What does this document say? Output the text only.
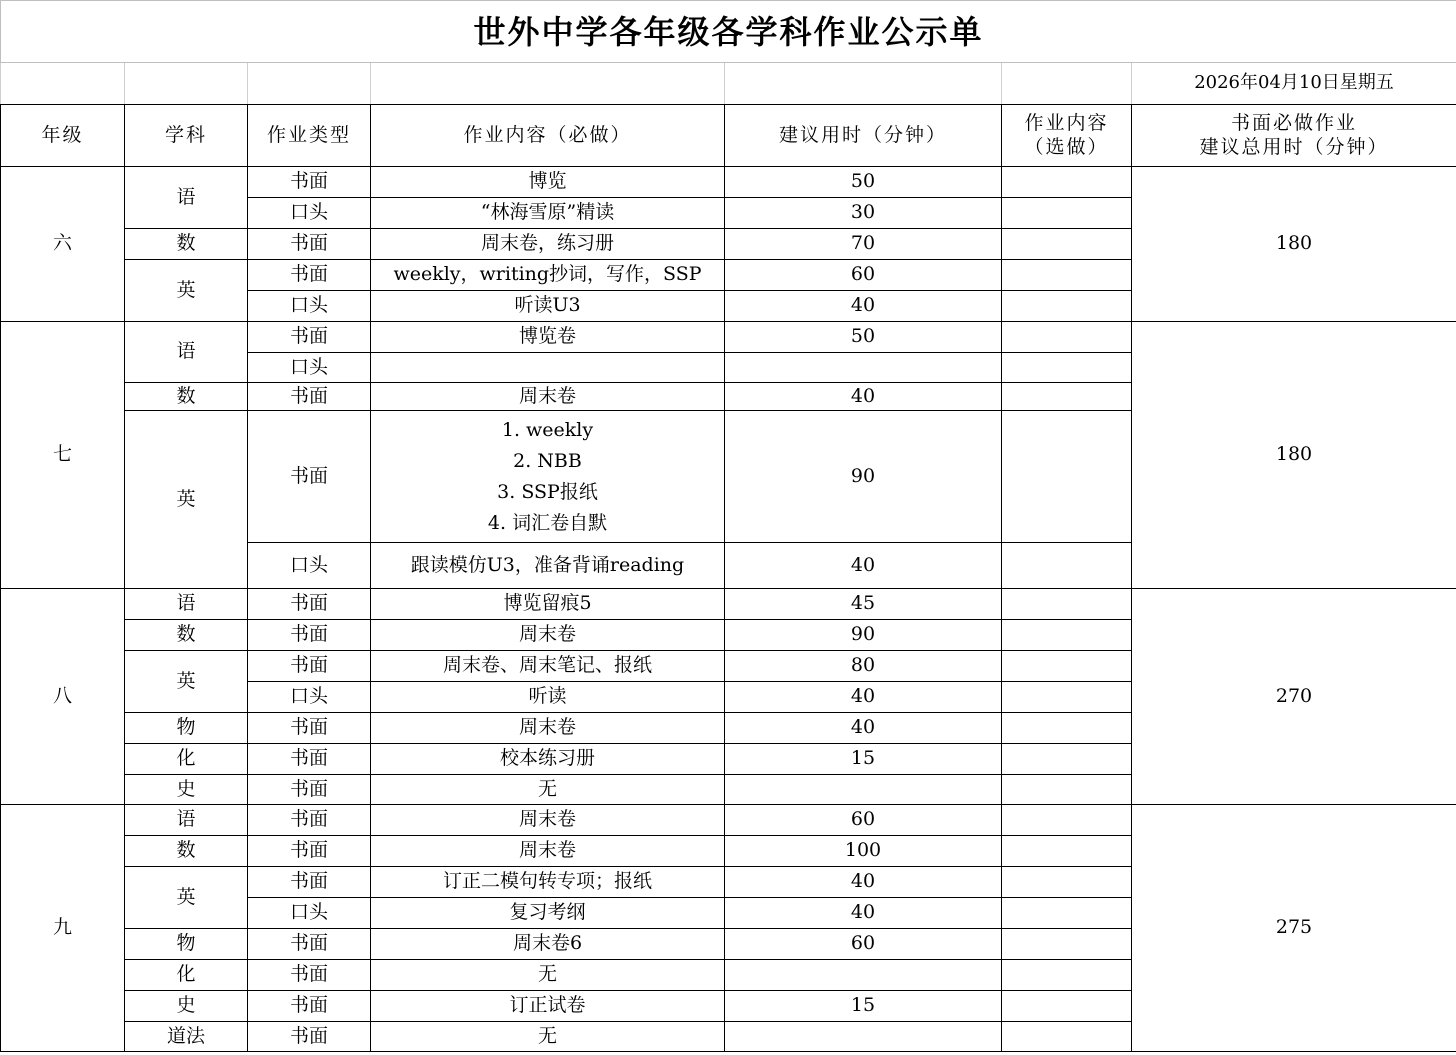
世外中学各年级各学科作业公示单						
						2026年04月10日星期五
年级	学科	作业类型	作业内容（必做）	建议用时（分钟）	作业内容
（选做）	书面必做作业
建议总用时（分钟）

六	语	书面	博览	50		180
		口头	“林海雪原”精读	30		
	数	书面	周末卷，练习册	70		
	英	书面	weekly，writing抄词，写作，SSP	60		
		口头	听读U3	40		
七	语	书面	博览卷	50		180
		口头				
	数	书面	周末卷	40		
	英	书面	1. weekly
2. NBB
3. SSP报纸
4. 词汇卷自默	90		
		口头	跟读模仿U3，准备背诵reading	40		
八	语	书面	博览留痕5	45		270
	数	书面	周末卷	90		
	英	书面	周末卷、周末笔记、报纸	80		
		口头	听读	40		
	物	书面	周末卷	40		
	化	书面	校本练习册	15		
	史	书面	无			
九	语	书面	周末卷	60		275
	数	书面	周末卷	100		
	英	书面	订正二模句转专项；报纸	40		
		口头	复习考纲	40		
	物	书面	周末卷6	60		
	化	书面	无			
	史	书面	订正试卷	15		
	道法	书面	无			
